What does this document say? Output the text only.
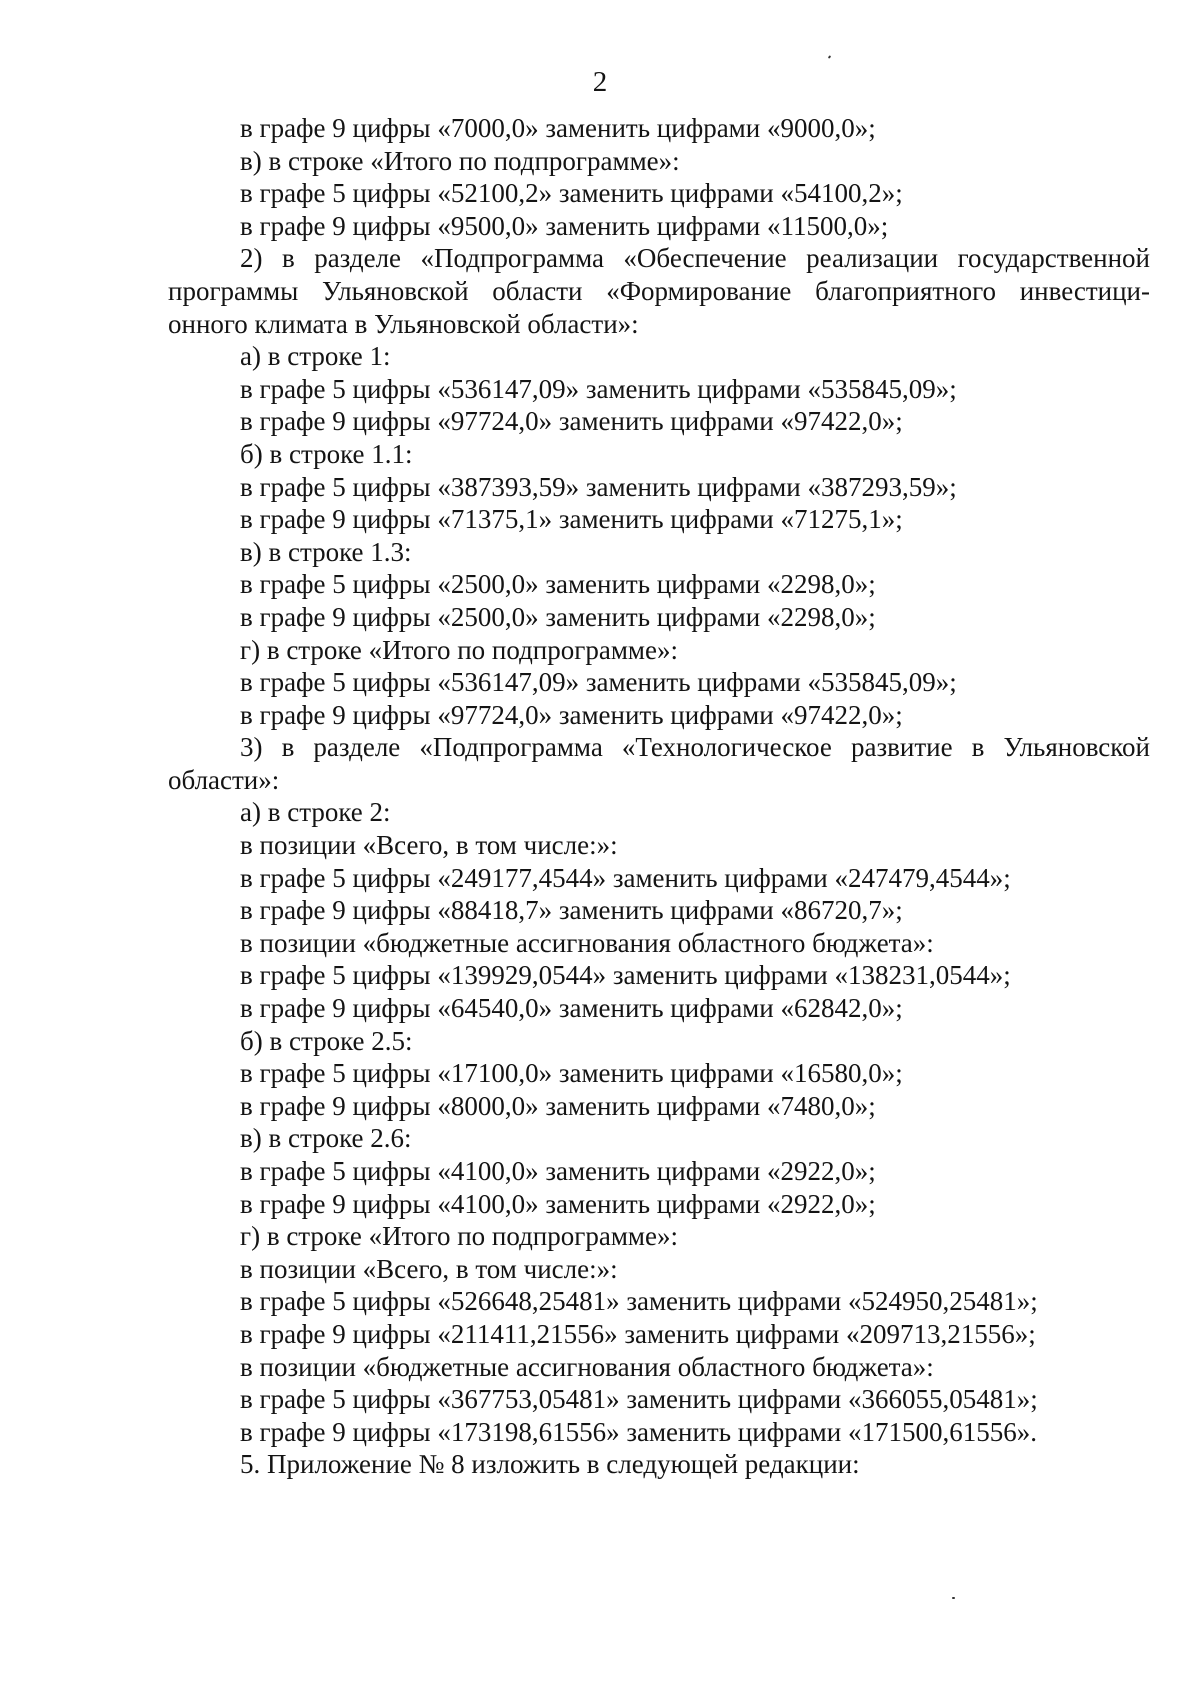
2
в графе 9 цифры «7000,0» заменить цифрами «9000,0»;
в) в строке «Итого по подпрограмме»:
в графе 5 цифры «52100,2» заменить цифрами «54100,2»;
в графе 9 цифры «9500,0» заменить цифрами «11500,0»;
2) в разделе «Подпрограмма «Обеспечение реализации государственной
программы Ульяновской области «Формирование благоприятного инвестици-
онного климата в Ульяновской области»:
а) в строке 1:
в графе 5 цифры «536147,09» заменить цифрами «535845,09»;
в графе 9 цифры «97724,0» заменить цифрами «97422,0»;
б) в строке 1.1:
в графе 5 цифры «387393,59» заменить цифрами «387293,59»;
в графе 9 цифры «71375,1» заменить цифрами «71275,1»;
в) в строке 1.3:
в графе 5 цифры «2500,0» заменить цифрами «2298,0»;
в графе 9 цифры «2500,0» заменить цифрами «2298,0»;
г) в строке «Итого по подпрограмме»:
в графе 5 цифры «536147,09» заменить цифрами «535845,09»;
в графе 9 цифры «97724,0» заменить цифрами «97422,0»;
3) в разделе «Подпрограмма «Технологическое развитие в Ульяновской
области»:
а) в строке 2:
в позиции «Всего, в том числе:»:
в графе 5 цифры «249177,4544» заменить цифрами «247479,4544»;
в графе 9 цифры «88418,7» заменить цифрами «86720,7»;
в позиции «бюджетные ассигнования областного бюджета»:
в графе 5 цифры «139929,0544» заменить цифрами «138231,0544»;
в графе 9 цифры «64540,0» заменить цифрами «62842,0»;
б) в строке 2.5:
в графе 5 цифры «17100,0» заменить цифрами «16580,0»;
в графе 9 цифры «8000,0» заменить цифрами «7480,0»;
в) в строке 2.6:
в графе 5 цифры «4100,0» заменить цифрами «2922,0»;
в графе 9 цифры «4100,0» заменить цифрами «2922,0»;
г) в строке «Итого по подпрограмме»:
в позиции «Всего, в том числе:»:
в графе 5 цифры «526648,25481» заменить цифрами «524950,25481»;
в графе 9 цифры «211411,21556» заменить цифрами «209713,21556»;
в позиции «бюджетные ассигнования областного бюджета»:
в графе 5 цифры «367753,05481» заменить цифрами «366055,05481»;
в графе 9 цифры «173198,61556» заменить цифрами «171500,61556».
5. Приложение № 8 изложить в следующей редакции:
